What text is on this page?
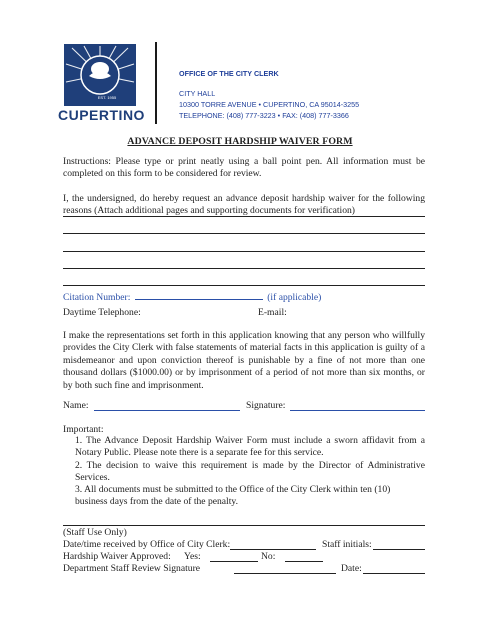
CUPERTINO
EST. 1955
OFFICE OF THE CITY CLERK
CITY HALL
10300 TORRE AVENUE • CUPERTINO, CA 95014-3255
TELEPHONE: (408) 777-3223 • FAX: (408) 777-3366
ADVANCE DEPOSIT HARDSHIP WAIVER FORM
Instructions: Please type or print neatly using a ball point pen. All information must be completed on this form to be considered for review.
I, the undersigned, do hereby request an advance deposit hardship waiver for the following reasons (Attach additional pages and supporting documents for verification)
Citation Number:	(if applicable)
Daytime Telephone:	E-mail:
I make the representations set forth in this application knowing that any person who willfully provides the City Clerk with false statements of material facts in this application is guilty of a misdemeanor and upon conviction thereof is punishable by a fine of not more than one thousand dollars ($1000.00) or by imprisonment of a period of not more than six months, or by both such fine and imprisonment.
Name:	Signature:
Important:
1. The Advance Deposit Hardship Waiver Form must include a sworn affidavit from a Notary Public. Please note there is a separate fee for this service.
2. The decision to waive this requirement is made by the Director of Administrative Services.
3. All documents must be submitted to the Office of the City Clerk within ten (10) business days from the date of the penalty.
(Staff Use Only)
Date/time received by Office of City Clerk:	Staff initials:
Hardship Waiver Approved: Yes:	No:
Department Staff Review Signature	Date:
